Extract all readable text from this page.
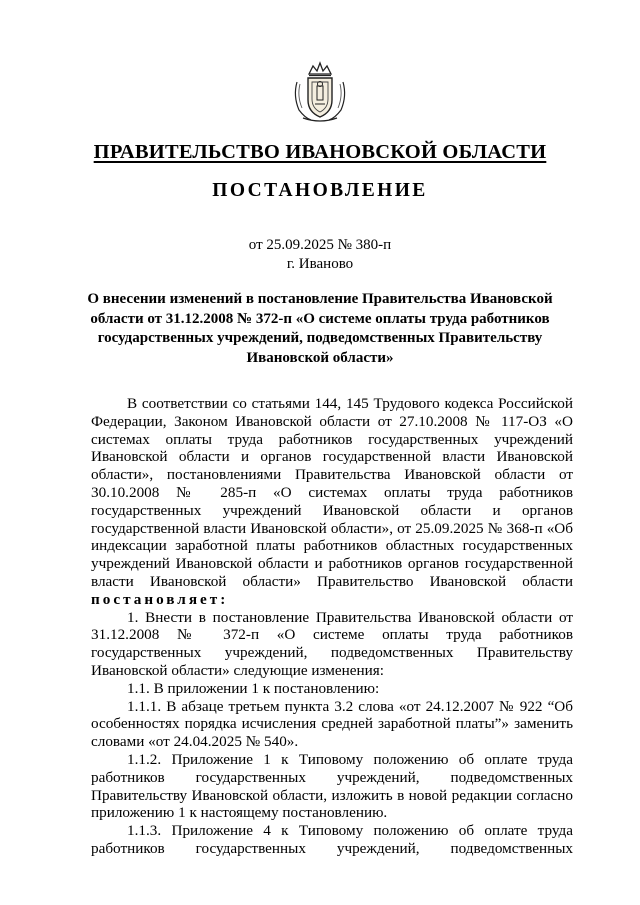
ПРАВИТЕЛЬСТВО ИВАНОВСКОЙ ОБЛАСТИ
ПОСТАНОВЛЕНИЕ
от 25.09.2025 № 380-п
г. Иваново
О внесении изменений в постановление Правительства Ивановской области от 31.12.2008 № 372-п «О системе оплаты труда работников государственных учреждений, подведомственных Правительству Ивановской области»

В соответствии со статьями 144, 145 Трудового кодекса Российской Федерации, Законом Ивановской области от 27.10.2008 № 117-ОЗ «О системах оплаты труда работников государственных учреждений Ивановской области и органов государственной власти Ивановской области», постановлениями Правительства Ивановской области от 30.10.2008 № 285-п «О системах оплаты труда работников государственных учреждений Ивановской области и органов государственной власти Ивановской области», от 25.09.2025 № 368-п «Об индексации заработной платы работников областных государственных учреждений Ивановской области и работников органов государственной власти Ивановской области» Правительство Ивановской области постановляет:

1. Внести в постановление Правительства Ивановской области от 31.12.2008 № 372-п «О системе оплаты труда работников государственных учреждений, подведомственных Правительству Ивановской области» следующие изменения:

1.1. В приложении 1 к постановлению:

1.1.1. В абзаце третьем пункта 3.2 слова «от 24.12.2007 № 922 “Об особенностях порядка исчисления средней заработной платы”» заменить словами «от 24.04.2025 № 540».

1.1.2. Приложение 1 к Типовому положению об оплате труда работников государственных учреждений, подведомственных Правительству Ивановской области, изложить в новой редакции согласно приложению 1 к настоящему постановлению.

1.1.3. Приложение 4 к Типовому положению об оплате труда работников государственных учреждений, подведомственных
